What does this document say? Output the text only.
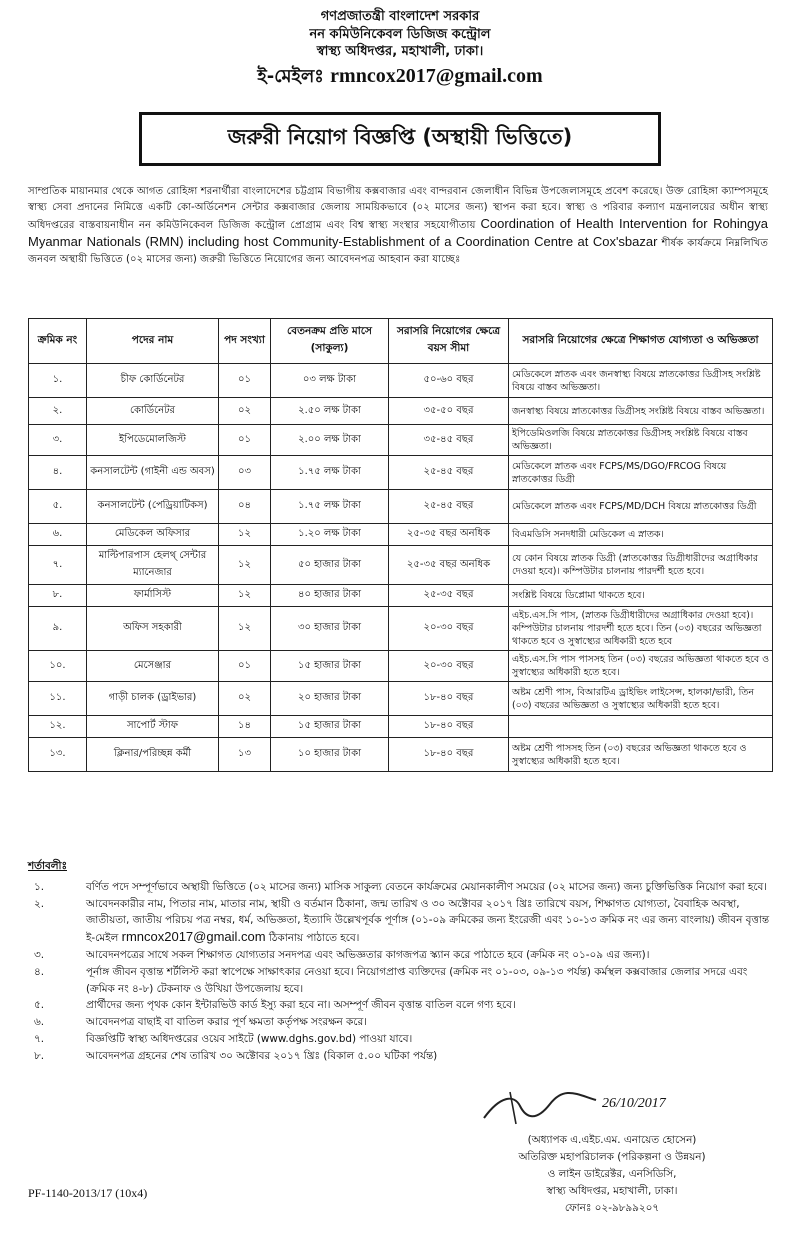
গণপ্রজাতন্ত্রী বাংলাদেশ সরকার
নন কমিউনিকেবল ডিজিজ কন্ট্রোল
স্বাস্থ্য অধিদপ্তর, মহাখালী, ঢাকা।
ই-মেইলঃ rmncox2017@gmail.com
জরুরী নিয়োগ বিজ্ঞপ্তি (অস্থায়ী ভিত্তিতে)
সাম্প্রতিক মায়ানমার থেকে আগত রোহিঙ্গা শরনার্থীরা বাংলাদেশের চট্টগ্রাম বিভাগীয় কক্সবাজার এবং বান্দরবান জেলাধীন বিভিন্ন উপজেলাসমূহে প্রবেশ করেছে। উক্ত রোহিঙ্গা ক্যাম্পসমূহে স্বাস্থ্য সেবা প্রদানের নিমিত্তে একটি কো-অর্ডিনেশন সেন্টার কক্সবাজার জেলায় সাময়িকভাবে (০২ মাসের জন্য) স্থাপন করা হবে। স্বাস্থ্য ও পরিবার কল্যাণ মন্ত্রনালয়ের অধীন স্বাস্থ্য অধিদপ্তরের বাস্তবায়নাধীন নন কমিউনিকেবল ডিজিজ কন্ট্রোল প্রোগ্রাম এবং বিশ্ব স্বাস্থ্য সংস্থার সহযোগীতায় Coordination of Health Intervention for Rohingya Myanmar Nationals (RMN) including host Community-Establishment of a Coordination Centre at Cox'sbazar শীর্ষক কার্যক্রমে নিম্নলিখিত জনবল অস্থায়ী ভিত্তিতে (০২ মাসের জন্য) জরুরী ভিত্তিতে নিয়োগের জন্য আবেদনপত্র আহবান করা যাচ্ছেঃ
ক্রমিক নং	পদের নাম	পদ সংখ্যা	বেতনক্রম প্রতি মাসে (সাকুল্য)	সরাসরি নিয়োগের ক্ষেত্রে বয়স সীমা	সরাসরি নিয়োগের ক্ষেত্রে শিক্ষাগত যোগ্যতা ও অভিজ্ঞতা
১.	চীফ কোর্ডিনেটর	০১	০৩ লক্ষ টাকা	৫০-৬০ বছর	মেডিকেলে স্নাতক এবং জনস্বাস্থ্য বিষয়ে স্নাতকোত্তর ডিগ্রীসহ সংশ্লিষ্ট বিষয়ে বাস্তব অভিজ্ঞতা।
২.	কোর্ডিনেটর	০২	২.৫০ লক্ষ টাকা	৩৫-৫০ বছর	জনস্বাস্থ্য বিষয়ে স্নাতকোত্তর ডিগ্রীসহ সংশ্লিষ্ট বিষয়ে বাস্তব অভিজ্ঞতা।
৩.	ইপিডেমোলজিস্ট	০১	২.০০ লক্ষ টাকা	৩৫-৪৫ বছর	ইপিডেমিওলজি বিষয়ে স্নাতকোত্তর ডিগ্রীসহ সংশ্লিষ্ট বিষয়ে বাস্তব অভিজ্ঞতা।
৪.	কনসালটেন্ট (গাইনী এন্ড অবস)	০৩	১.৭৫ লক্ষ টাকা	২৫-৪৫ বছর	মেডিকেলে স্নাতক এবং FCPS/MS/DGO/FRCOG বিষয়ে স্নাতকোত্তর ডিগ্রী
৫.	কনসালটেন্ট (পেড্রিয়াটিকস)	০৪	১.৭৫ লক্ষ টাকা	২৫-৪৫ বছর	মেডিকেলে স্নাতক এবং FCPS/MD/DCH বিষয়ে স্নাতকোত্তর ডিগ্রী
৬.	মেডিকেল অফিসার	১২	১.২০ লক্ষ টাকা	২৫-৩৫ বছর অনধিক	বিএমডিসি সনদধারী মেডিকেল এ স্নাতক।
৭.	মাল্টিপারপাস হেলথ্ সেন্টার ম্যানেজার	১২	৫০ হাজার টাকা	২৫-৩৫ বছর অনধিক	যে কোন বিষয়ে স্নাতক ডিগ্রী (স্নাতকোত্তর ডিগ্রীধারীদের অগ্রাধিকার দেওয়া হবে)। কম্পিউটার চালনায় পারদর্শী হতে হবে।
৮.	ফার্মাসিস্ট	১২	৪০ হাজার টাকা	২৫-৩৫ বছর	সংশ্লিষ্ট বিষয়ে ডিপ্লোমা থাকতে হবে।
৯.	অফিস সহকারী	১২	৩০ হাজার টাকা	২০-৩০ বছর	এইচ.এস.সি পাস, (স্নাতক ডিগ্রীধারীদের অগ্রাধিকার দেওয়া হবে)। কম্পিউটার চালনায় পারদর্শী হতে হবে। তিন (০৩) বছরের অভিজ্ঞতা থাকতে হবে ও সুস্বাস্থ্যের অধিকারী হতে হবে
১০.	মেসেঞ্জার	০১	১৫ হাজার টাকা	২০-৩০ বছর	এইচ.এস.সি পাস পাসসহ তিন (০৩) বছরের অভিজ্ঞতা থাকতে হবে ও সুস্বাস্থ্যের অধিকারী হতে হবে।
১১.	গাড়ী চালক (ড্রাইভার)	০২	২০ হাজার টাকা	১৮-৪০ বছর	অষ্টম শ্রেণী পাস, বিআরটিএ ড্রাইভিং লাইসেন্স, হালকা/ভারী, তিন (০৩) বছরের অভিজ্ঞতা ও সুস্বাস্থ্যের অধিকারী হতে হবে।
১২.	সাপোর্ট স্টাফ	১৪	১৫ হাজার টাকা	১৮-৪০ বছর	
১৩.	ক্লিনার/পরিচ্ছন্ন কর্মী	১৩	১০ হাজার টাকা	১৮-৪০ বছর	অষ্টম শ্রেণী পাসসহ তিন (০৩) বছরের অভিজ্ঞতা থাকতে হবে ও সুস্বাস্থ্যের অধিকারী হতে হবে।
শর্তাবলীঃ
১.	বর্ণিত পদে সম্পূর্ণভাবে অস্থায়ী ভিত্তিতে (০২ মাসের জন্য) মাসিক সাকুল্য বেতনে কার্যক্রমের মেয়ানকালীণ সময়ের (০২ মাসের জন্য) জন্য চুক্তিভিত্তিক নিয়োগ করা হবে।
২.	আবেদনকারীর নাম, পিতার নাম, মাতার নাম, স্থায়ী ও বর্তমান ঠিকানা, জন্ম তারিখ ও ৩০ অক্টোবর ২০১৭ খ্রিঃ তারিখে বয়স, শিক্ষাগত যোগ্যতা, বৈবাহিক অবস্থা, জাতীয়তা, জাতীয় পরিচয় পত্র নম্বর, ধর্ম, অভিজ্ঞতা, ইত্যাদি উল্লেখপূর্বক পূর্ণাঙ্গ (০১-০৯ ক্রমিকের জন্য ইংরেজী এবং ১০-১৩ ক্রমিক নং এর জন্য বাংলায়) জীবন বৃত্তান্ত ই-মেইল rmncox2017@gmail.com ঠিকানায় পাঠাতে হবে।
৩.	আবেদনপত্রের সাথে সকল শিক্ষাগত যোগ্যতার সনদপত্র এবং অভিজ্ঞতার কাগজপত্র স্ক্যান করে পাঠাতে হবে (ক্রমিক নং ০১-০৯ এর জন্য)।
৪.	পূর্নাঙ্গ জীবন বৃত্তান্ত শর্টলিস্ট করা স্বাপেক্ষে সাক্ষাৎকার নেওয়া হবে। নিয়োগপ্রাপ্ত ব্যক্তিদের (ক্রমিক নং ০১-০৩, ০৯-১৩ পর্যন্ত) কর্মস্থল কক্সবাজার জেলার সদরে এবং (ক্রমিক নং ৪-৮) টেকনাফ ও উখিয়া উপজেলায় হবে।
৫.	প্রার্থীদের জন্য পৃথক কোন ইন্টারভিউ কার্ড ইস্যু করা হবে না। অসম্পূর্ণ জীবন বৃত্তান্ত বাতিল বলে গণ্য হবে।
৬.	আবেদনপত্র বাছাই বা বাতিল করার পূর্ণ ক্ষমতা কর্তৃপক্ষ সংরক্ষন করে।
৭.	বিজ্ঞপ্তিটি স্বাস্থ্য অধিদপ্তরের ওয়েব সাইটে (www.dghs.gov.bd) পাওয়া যাবে।
৮.	আবেদনপত্র গ্রহনের শেষ তারিখ ৩০ অক্টোবর ২০১৭ খ্রিঃ (বিকাল ৫.০০ ঘটিকা পর্যন্ত)
26/10/2017
(অধ্যাপক এ.এইচ.এম. এনায়েত হোসেন)
অতিরিক্ত মহাপরিচালক (পরিকল্পনা ও উন্নয়ন)
ও লাইন ডাইরেক্টর, এনসিডিসি,
স্বাস্থ্য অধিদপ্তর, মহাখালী, ঢাকা।
ফোনঃ ০২-৯৮৯৯২০৭
PF-1140-2013/17 (10x4)
